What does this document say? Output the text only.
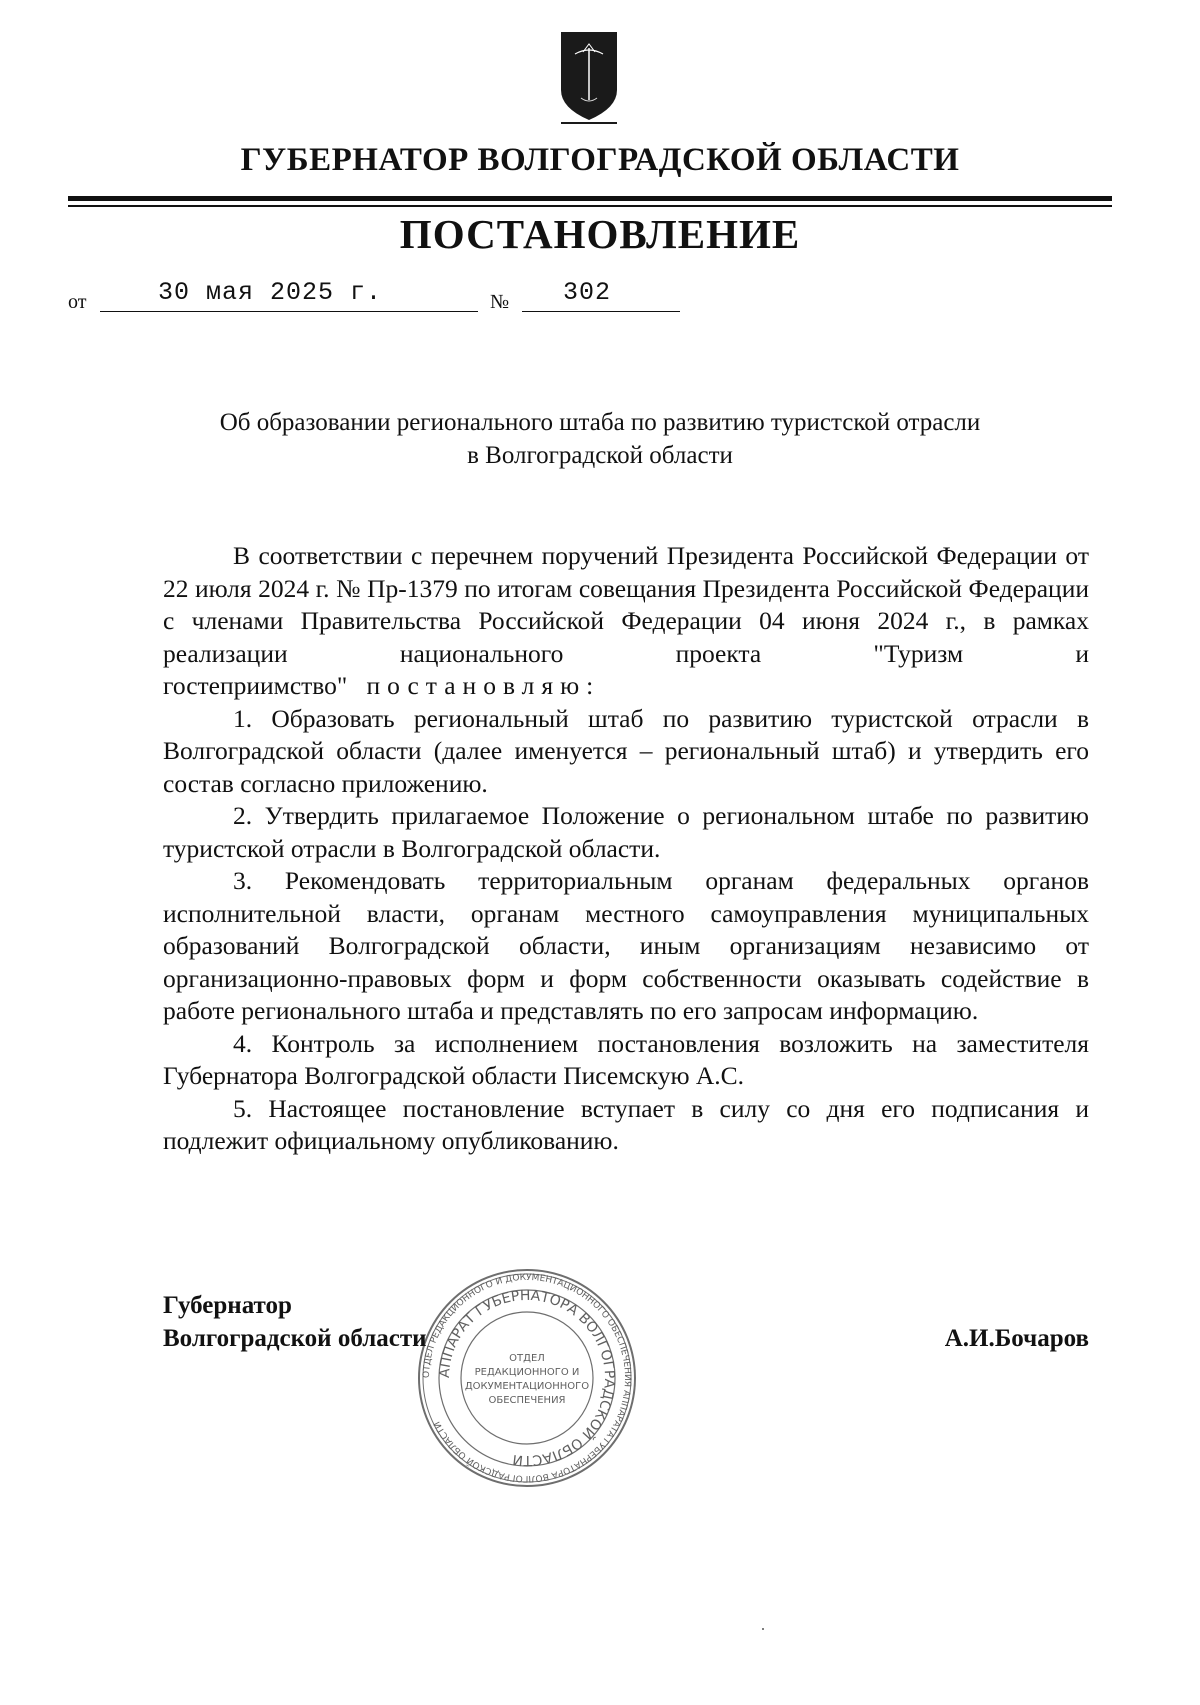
ГУБЕРНАТОР ВОЛГОГРАДСКОЙ ОБЛАСТИ
ПОСТАНОВЛЕНИЕ
от	30 мая 2025 г.	№	302
Об образовании регионального штаба по развитию туристской отрасли
в Волгоградской области

В соответствии с перечнем поручений Президента Российской Федерации от 22 июля 2024 г. № Пр-1379 по итогам совещания Президента Российской Федерации с членами Правительства Российской Федерации 04 июня 2024 г., в рамках реализации национального проекта "Туризм и гостеприимство" постановляю:

1. Образовать региональный штаб по развитию туристской отрасли в Волгоградской области (далее именуется – региональный штаб) и утвердить его состав согласно приложению.

2. Утвердить прилагаемое Положение о региональном штабе по развитию туристской отрасли в Волгоградской области.

3. Рекомендовать территориальным органам федеральных органов исполнительной власти, органам местного самоуправления муниципальных образований Волгоградской области, иным организациям независимо от организационно-правовых форм и форм собственности оказывать содействие в работе регионального штаба и представлять по его запросам информацию.

4. Контроль за исполнением постановления возложить на заместителя Губернатора Волгоградской области Писемскую А.С.

5. Настоящее постановление вступает в силу со дня его подписания и подлежит официальному опубликованию.

ОТДЕЛ РЕДАКЦИОННОГО И ДОКУМЕНТАЦИОННОГО ОБЕСПЕЧЕНИЯ АППАРАТА ГУБЕРНАТОРА ВОЛГОГРАДСКОЙ ОБЛАСТИ
АППАРАТ ГУБЕРНАТОРА ВОЛГОГРАДСКОЙ ОБЛАСТИ
ОТДЕЛ
РЕДАКЦИОННОГО И
ДОКУМЕНТАЦИОННОГО
ОБЕСПЕЧЕНИЯ
Губернатор
Волгоградской области	А.И.Бочаров
